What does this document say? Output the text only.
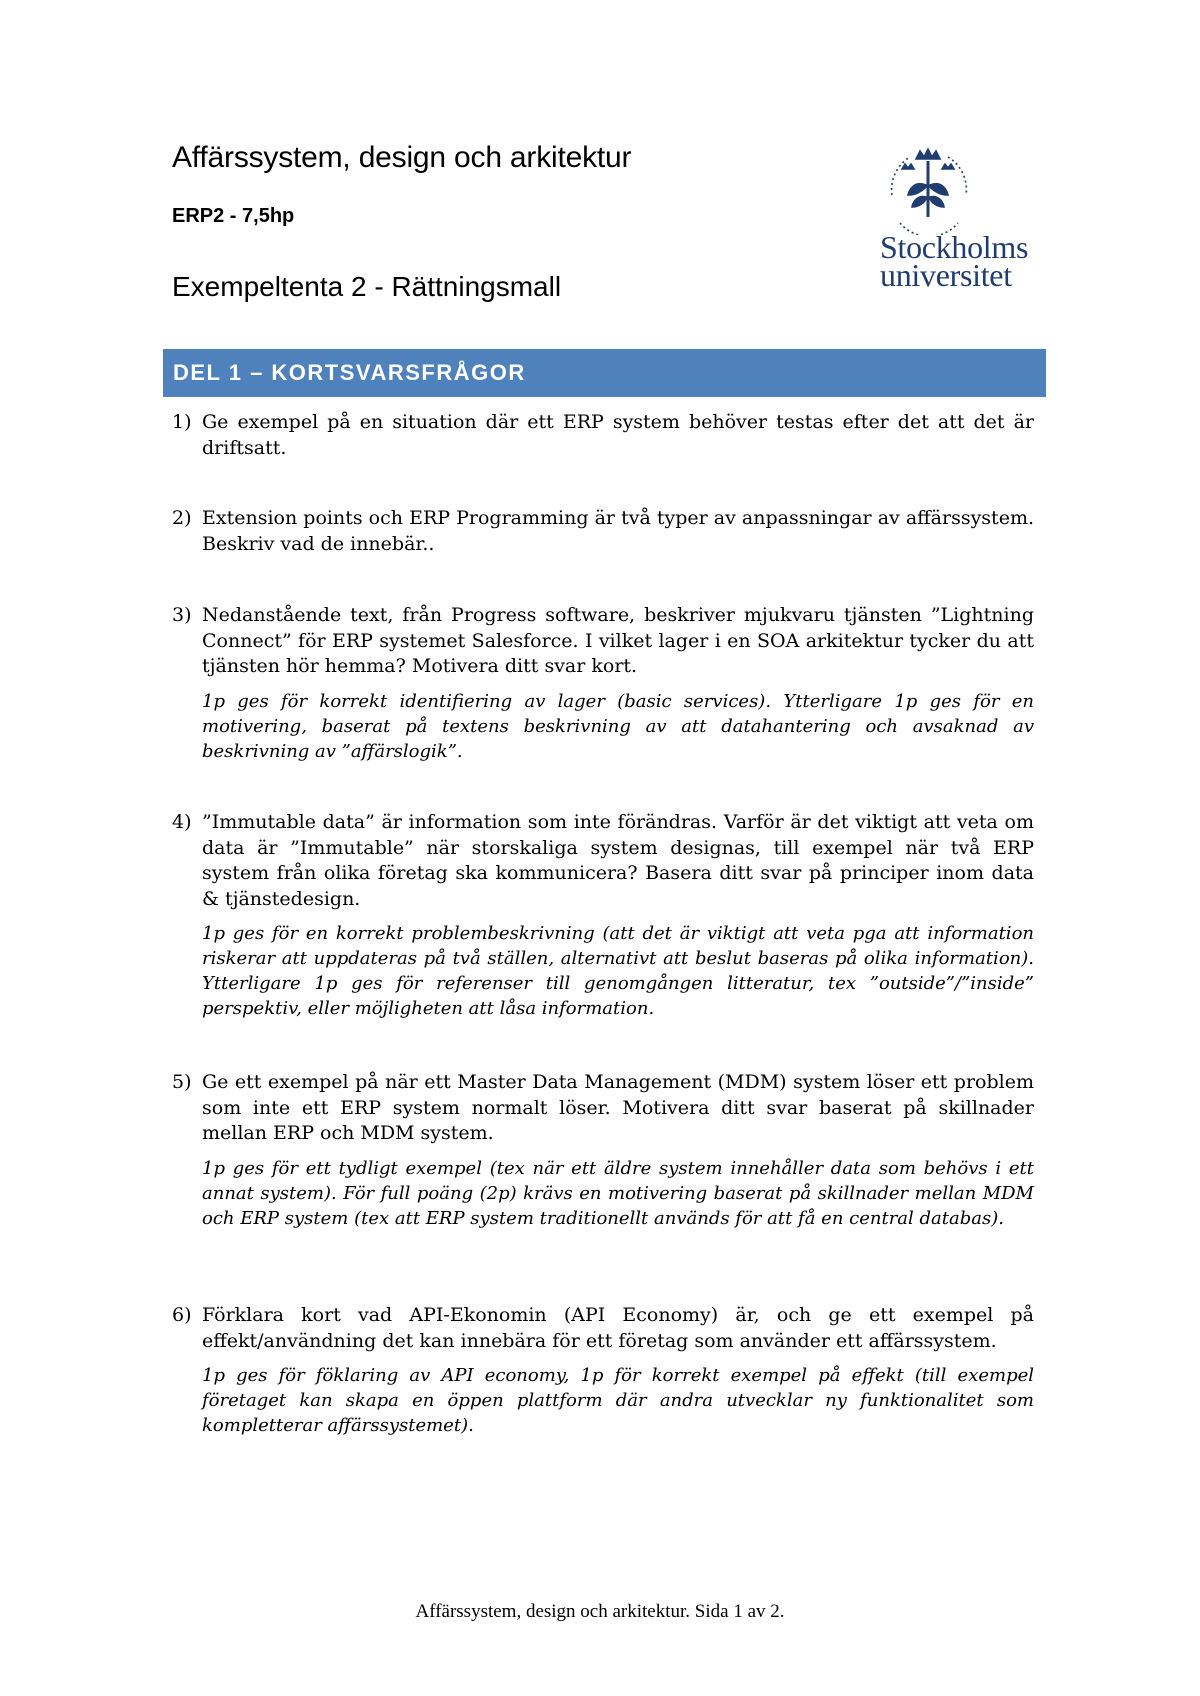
Affärssystem, design och arkitektur
ERP2 - 7,5hp
Exempeltenta 2 - Rättningsmall
Stockholms
universitet
DEL 1 – KORTSVARSFRÅGOR
1) Ge exempel på en situation där ett ERP system behöver testas efter det att det är driftsatt.
2) Extension points och ERP Programming är två typer av anpassningar av affärssystem. Beskriv vad de innebär..
3) Nedanstående text, från Progress software, beskriver mjukvaru tjänsten ”Lightning Connect” för ERP systemet Salesforce. I vilket lager i en SOA arkitektur tycker du att tjänsten hör hemma? Motivera ditt svar kort.
1p ges för korrekt identifiering av lager (basic services). Ytterligare 1p ges för en motivering, baserat på textens beskrivning av att datahantering och avsaknad av beskrivning av ”affärslogik”.
4) ”Immutable data” är information som inte förändras. Varför är det viktigt att veta om data är ”Immutable” när storskaliga system designas, till exempel när två ERP system från olika företag ska kommunicera? Basera ditt svar på principer inom data & tjänstedesign.
1p ges för en korrekt problembeskrivning (att det är viktigt att veta pga att information riskerar att uppdateras på två ställen, alternativt att beslut baseras på olika information). Ytterligare 1p ges för referenser till genomgången litteratur, tex ”outside”/”inside” perspektiv, eller möjligheten att låsa information.
5) Ge ett exempel på när ett Master Data Management (MDM) system löser ett problem som inte ett ERP system normalt löser. Motivera ditt svar baserat på skillnader mellan ERP och MDM system.
1p ges för ett tydligt exempel (tex när ett äldre system innehåller data som behövs i ett annat system). För full poäng (2p) krävs en motivering baserat på skillnader mellan MDM och ERP system (tex att ERP system traditionellt används för att få en central databas).
6) Förklara kort vad API-Ekonomin (API Economy) är, och ge ett exempel på effekt/användning det kan innebära för ett företag som använder ett affärssystem.
1p ges för föklaring av API economy, 1p för korrekt exempel på effekt (till exempel företaget kan skapa en öppen plattform där andra utvecklar ny funktionalitet som kompletterar affärssystemet).
Affärssystem, design och arkitektur. Sida 1 av 2.
